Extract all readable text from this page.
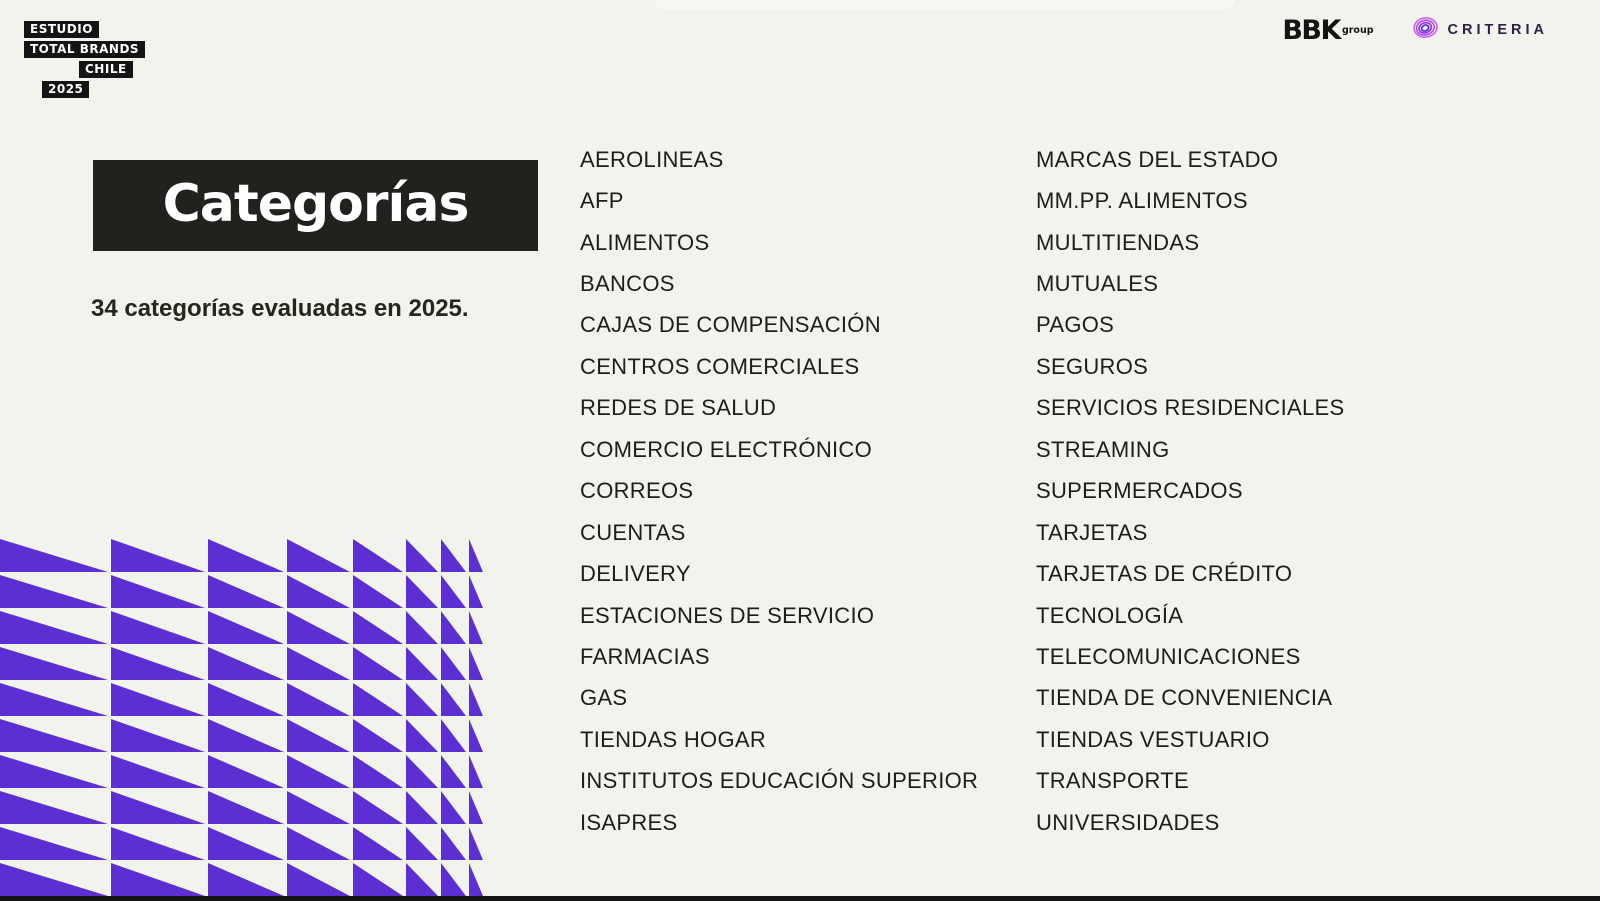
ESTUDIO
TOTAL BRANDS
CHILE
2025
BBK group	CRITERIA
Categorías
34 categorías evaluadas en 2025.
AEROLINEAS
AFP
ALIMENTOS
BANCOS
CAJAS DE COMPENSACIÓN
CENTROS COMERCIALES
REDES DE SALUD
COMERCIO ELECTRÓNICO
CORREOS
CUENTAS
DELIVERY
ESTACIONES DE SERVICIO
FARMACIAS
GAS
TIENDAS HOGAR
INSTITUTOS EDUCACIÓN SUPERIOR
ISAPRES
MARCAS DEL ESTADO
MM.PP. ALIMENTOS
MULTITIENDAS
MUTUALES
PAGOS
SEGUROS
SERVICIOS RESIDENCIALES
STREAMING
SUPERMERCADOS
TARJETAS
TARJETAS DE CRÉDITO
TECNOLOGÍA
TELECOMUNICACIONES
TIENDA DE CONVENIENCIA
TIENDAS VESTUARIO
TRANSPORTE
UNIVERSIDADES
